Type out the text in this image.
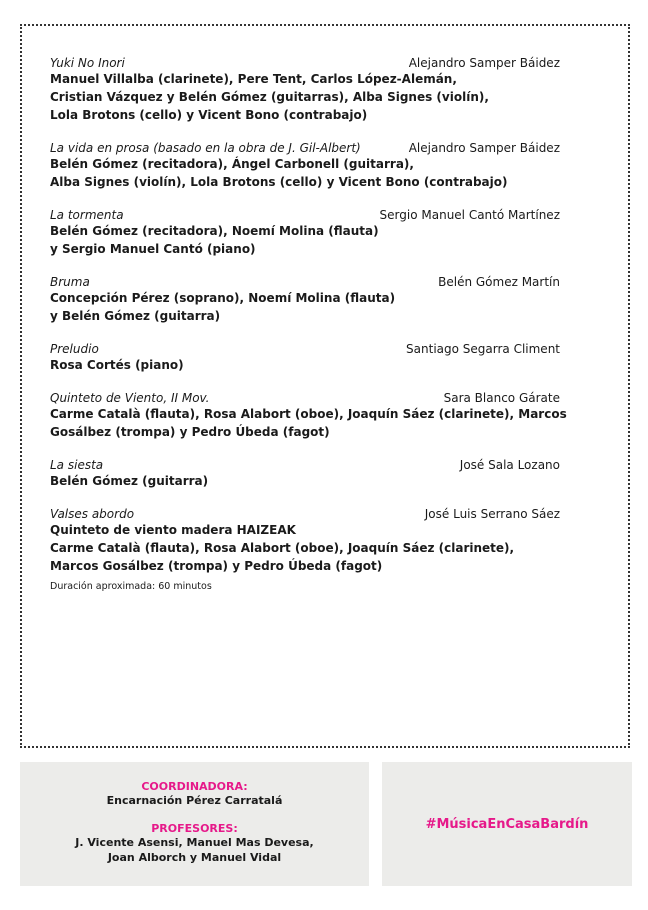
Yuki No Inori	Alejandro Samper Báidez
Manuel Villalba (clarinete), Pere Tent, Carlos López-Alemán,
Cristian Vázquez y Belén Gómez (guitarras), Alba Signes (violín),
Lola Brotons (cello) y Vicent Bono (contrabajo)
La vida en prosa (basado en la obra de J. Gil-Albert)	Alejandro Samper Báidez
Belén Gómez (recitadora), Ángel Carbonell (guitarra),
Alba Signes (violín), Lola Brotons (cello) y Vicent Bono (contrabajo)
La tormenta	Sergio Manuel Cantó Martínez
Belén Gómez (recitadora), Noemí Molina (flauta)
y Sergio Manuel Cantó (piano)
Bruma	Belén Gómez Martín
Concepción Pérez (soprano), Noemí Molina (flauta)
y Belén Gómez (guitarra)
Preludio	Santiago Segarra Climent
Rosa Cortés (piano)
Quinteto de Viento, II Mov.	Sara Blanco Gárate
Carme Català (flauta), Rosa Alabort (oboe), Joaquín Sáez (clarinete), Marcos
Gosálbez (trompa) y Pedro Úbeda (fagot)
La siesta	José Sala Lozano
Belén Gómez (guitarra)
Valses abordo	José Luis Serrano Sáez
Quinteto de viento madera HAIZEAK
Carme Català (flauta), Rosa Alabort (oboe), Joaquín Sáez (clarinete),
Marcos Gosálbez (trompa) y Pedro Úbeda (fagot)
Duración aproximada: 60 minutos
COORDINADORA:
Encarnación Pérez Carratalá
PROFESORES:
J. Vicente Asensi, Manuel Mas Devesa,
Joan Alborch y Manuel Vidal
#MúsicaEnCasaBardín
